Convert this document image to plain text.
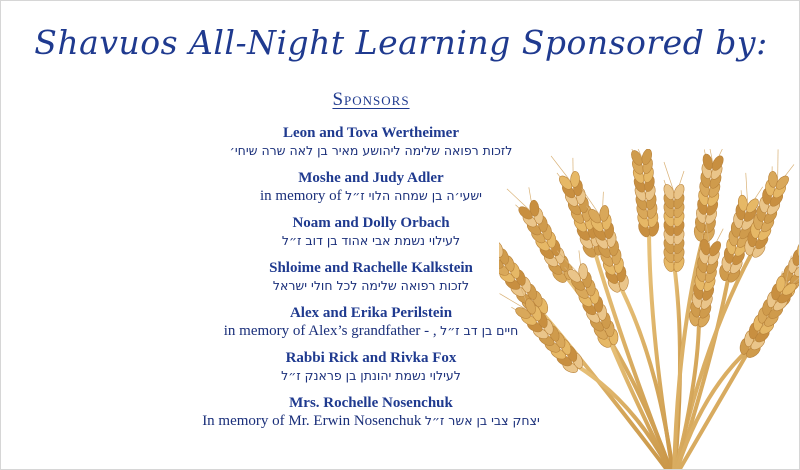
Shavuos All-Night Learning Sponsored by:
Sponsors
Leon and Tova Wertheimer
לזכות רפואה שלימה ליהושע מאיר בן לאה שרה שיחי׳
Moshe and Judy Adler
in memory of ישעי׳ה בן שמחה הלוי ז״ל
Noam and Dolly Orbach
לעילוי נשמת אבי אהוד בן דוב ז״ל
Shloime and Rachelle Kalkstein
לזכות רפואה שלימה לכל חולי ישראל
Alex and Erika Perilstein
in memory of Alex’s grandfather - , חיים בן דב ז״ל
Rabbi Rick and Rivka Fox
לעילוי נשמת יהונתן בן פראנק ז״ל
Mrs. Rochelle Nosenchuk
In memory of Mr. Erwin Nosenchuk יצחק צבי בן אשר ז״ל
